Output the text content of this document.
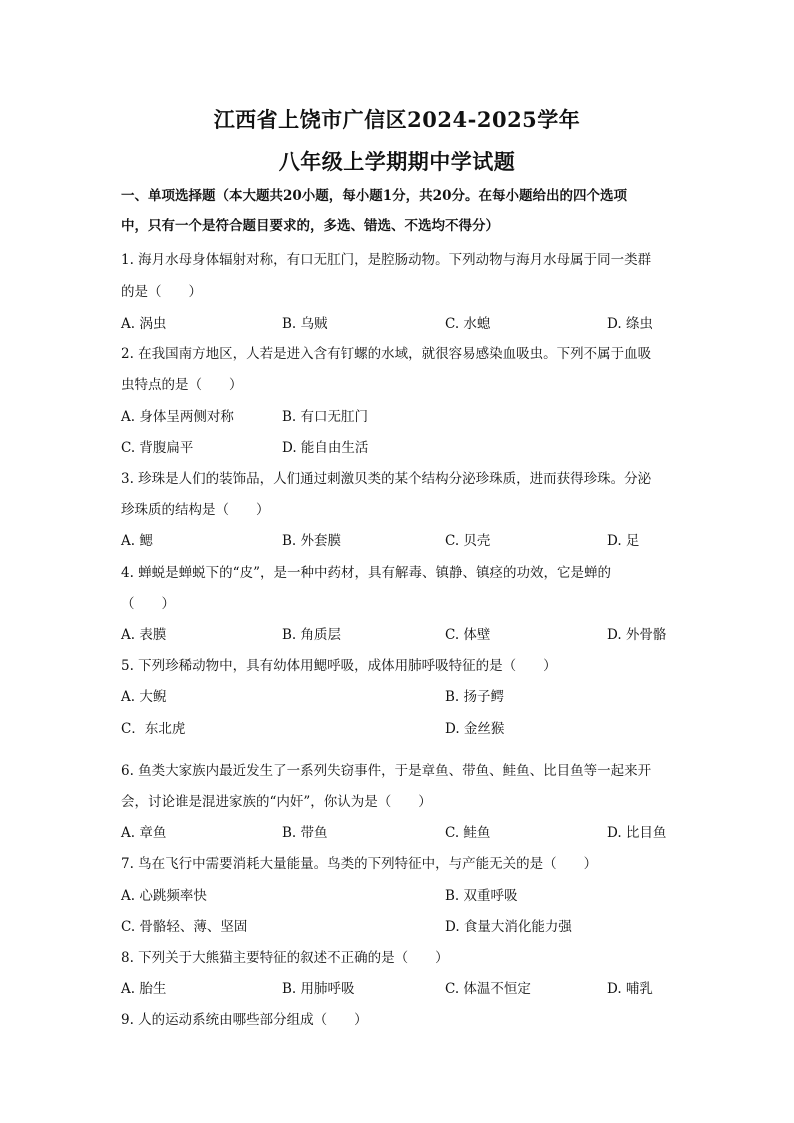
江西省上饶市广信区2024-2025学年
八年级上学期期中学试题
一、单项选择题（本大题共20小题，每小题1分，共20分。在每小题给出的四个选项
中，只有一个是符合题目要求的，多选、错选、不选均不得分）
1. 海月水母身体辐射对称，有口无肛门，是腔肠动物。下列动物与海月水母属于同一类群
的是（　　）
A. 涡虫	B. 乌贼	C. 水螅	D. 绦虫
2. 在我国南方地区，人若是进入含有钉螺的水域，就很容易感染血吸虫。下列不属于血吸
虫特点的是（　　）
A. 身体呈两侧对称	B. 有口无肛门
C. 背腹扁平	D. 能自由生活
3. 珍珠是人们的装饰品，人们通过刺激贝类的某个结构分泌珍珠质，进而获得珍珠。分泌
珍珠质的结构是（　　）
A. 鳃	B. 外套膜	C. 贝壳	D. 足
4. 蝉蜕是蝉蜕下的“皮”，是一种中药材，具有解毒、镇静、镇痉的功效，它是蝉的
（　　）
A. 表膜	B. 角质层	C. 体壁	D. 外骨骼
5. 下列珍稀动物中，具有幼体用鳃呼吸，成体用肺呼吸特征的是（　　）
A. 大鲵	B. 扬子鳄
C．东北虎	D. 金丝猴
6. 鱼类大家族内最近发生了一系列失窃事件，于是章鱼、带鱼、鲑鱼、比目鱼等一起来开
会，讨论谁是混进家族的“内奸”，你认为是（　　）
A. 章鱼	B. 带鱼	C. 鲑鱼	D. 比目鱼
7. 鸟在飞行中需要消耗大量能量。鸟类的下列特征中，与产能无关的是（　　）
A. 心跳频率快	B. 双重呼吸
C. 骨骼轻、薄、坚固	D. 食量大消化能力强
8. 下列关于大熊猫主要特征的叙述不正确的是（　　）
A. 胎生	B. 用肺呼吸	C. 体温不恒定	D. 哺乳
9. 人的运动系统由哪些部分组成（　　）
